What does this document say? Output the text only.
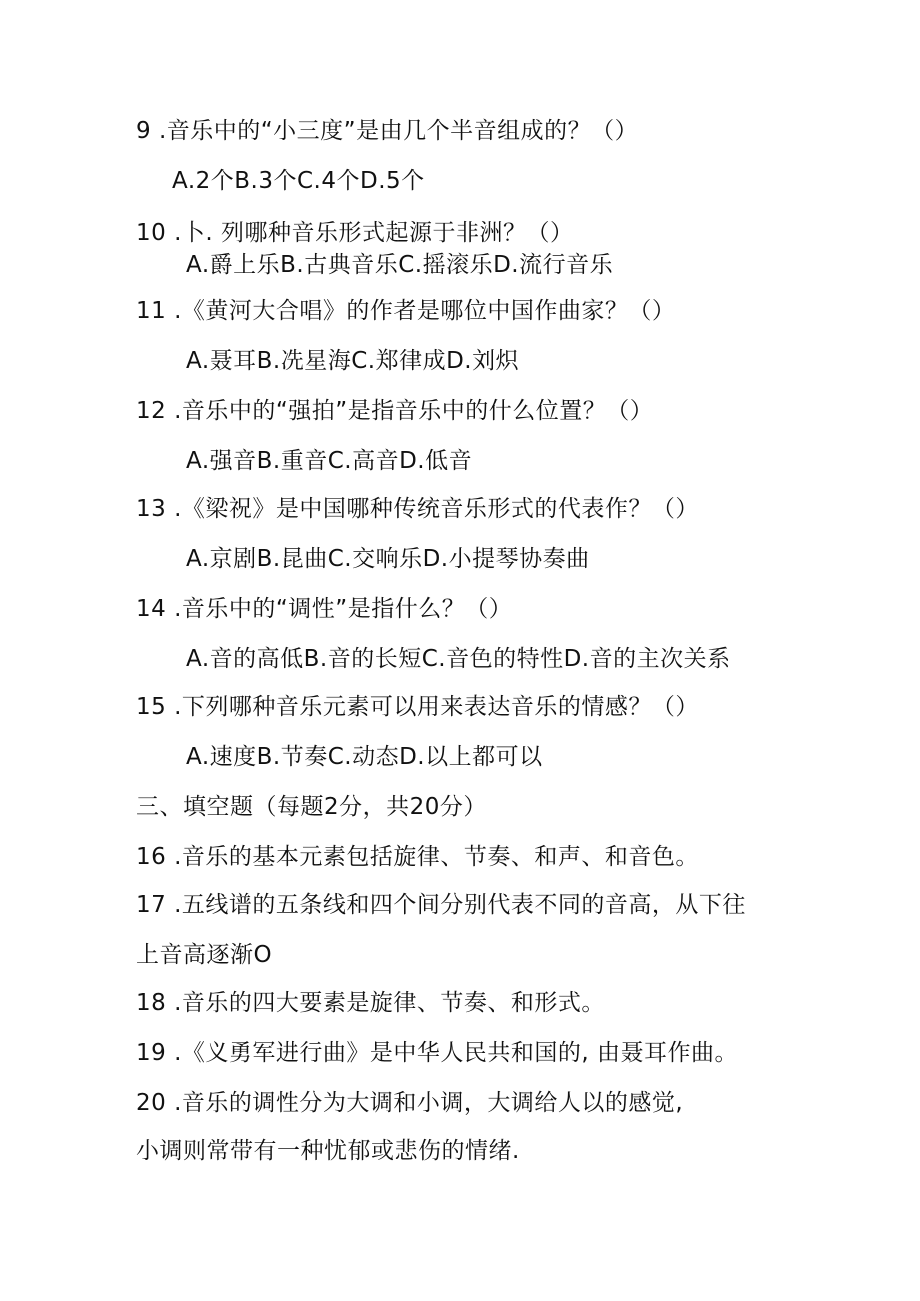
9 .音乐中的“小三度”是由几个半音组成的？（）
A.2个B.3个C.4个D.5个
10 .卜. 列哪种音乐形式起源于非洲？（）
A.爵上乐B.古典音乐C.摇滚乐D.流行音乐
11 .《黄河大合唱》的作者是哪位中国作曲家？（）
A.聂耳B.冼星海C.郑律成D.刘炽
12 .音乐中的“强拍”是指音乐中的什么位置？（）
A.强音B.重音C.高音D.低音
13 .《梁祝》是中国哪种传统音乐形式的代表作？（）
A.京剧B.昆曲C.交响乐D.小提琴协奏曲
14 .音乐中的“调性”是指什么？（）
A.音的高低B.音的长短C.音色的特性D.音的主次关系
15 .下列哪种音乐元素可以用来表达音乐的情感？（）
A.速度B.节奏C.动态D.以上都可以
三、填空题（每题2分，共20分）
16 .音乐的基本元素包括旋律、节奏、和声、和音色。
17 .五线谱的五条线和四个间分别代表不同的音高，从下往
上音高逐渐O
18 .音乐的四大要素是旋律、节奏、和形式。
19 .《义勇军进行曲》是中华人民共和国的, 由聂耳作曲。
20 .音乐的调性分为大调和小调，大调给人以的感觉,
小调则常带有一种忧郁或悲伤的情绪.
